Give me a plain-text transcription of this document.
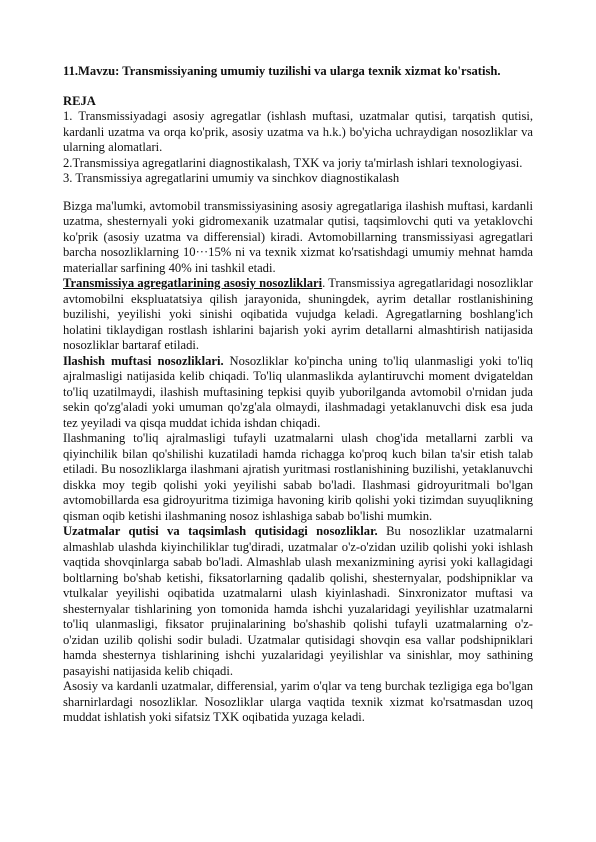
11.Mavzu: Transmissiyaning umumiy tuzilishi va ularga texnik xizmat ko'rsatish.

REJA

1. Transmissiyadagi asosiy agregatlar (ishlash muftasi, uzatmalar qutisi, tarqatish qutisi, kardanli uzatma va orqa ko'prik, asosiy uzatma va h.k.) bo'yicha uchraydigan nosozliklar va ularning alomatlari.
2.Transmissiya agregatlarini diagnostikalash, TXK va joriy ta'mirlash ishlari texnologiyasi.
3. Transmissiya agregatlarini umumiy va sinchkov diagnostikalash

Bizga ma'lumki, avtomobil transmissiyasining asosiy agregatlariga ilashish muftasi, kardanli uzatma, shesternyali yoki gidromexanik uzatmalar qutisi, taqsimlovchi quti va yetaklovchi ko'prik (asosiy uzatma va differensial) kiradi. Avtomobillarning transmissiyasi agregatlari barcha nosozliklarning 10···15% ni va texnik xizmat ko'rsatishdagi umumiy mehnat hamda materiallar sarfining 40% ini tashkil etadi.

Transmissiya agregatlarining asosiy nosozliklari. Transmissiya agregatlaridagi nosozliklar avtomobilni ekspluatatsiya qilish jarayonida, shuningdek, ayrim detallar rostlanishining buzilishi, yeyilishi yoki sinishi oqibatida vujudga keladi. Agregatlarning boshlang'ich holatini tiklaydigan rostlash ishlarini bajarish yoki ayrim detallarni almashtirish natijasida nosozliklar bartaraf etiladi.

Ilashish muftasi nosozliklari. Nosozliklar ko'pincha uning to'liq ulanmasligi yoki to'liq ajralmasligi natijasida kelib chiqadi. To'liq ulanmaslikda aylantiruvchi moment dvigateldan to'liq uzatilmaydi, ilashish muftasining tepkisi quyib yuborilganda avtomobil o'rnidan juda sekin qo'zg'aladi yoki umuman qo'zg'ala olmaydi, ilashmadagi yetaklanuvchi disk esa juda tez yeyiladi va qisqa muddat ichida ishdan chiqadi.

Ilashmaning to'liq ajralmasligi tufayli uzatmalarni ulash chog'ida metallarni zarbli va qiyinchilik bilan qo'shilishi kuzatiladi hamda richagga ko'proq kuch bilan ta'sir etish talab etiladi. Bu nosozliklarga ilashmani ajratish yuritmasi rostlanishining buzilishi, yetaklanuvchi diskka moy tegib qolishi yoki yeyilishi sabab bo'ladi. Ilashmasi gidroyuritmali bo'lgan avtomobillarda esa gidroyuritma tizimiga havoning kirib qolishi yoki tizimdan suyuqlikning qisman oqib ketishi ilashmaning nosoz ishlashiga sabab bo'lishi mumkin.

Uzatmalar qutisi va taqsimlash qutisidagi nosozliklar. Bu nosozliklar uzatmalarni almashlab ulashda kiyinchiliklar tug'diradi, uzatmalar o'z-o'zidan uzilib qolishi yoki ishlash vaqtida shovqinlarga sabab bo'ladi. Almashlab ulash mexanizmining ayrisi yoki kallagidagi boltlarning bo'shab ketishi, fiksatorlarning qadalib qolishi, shesternyalar, podshipniklar va vtulkalar yeyilishi oqibatida uzatmalarni ulash kiyinlashadi. Sinxronizator muftasi va shesternyalar tishlarining yon tomonida hamda ishchi yuzalaridagi yeyilishlar uzatmalarni to'liq ulanmasligi, fiksator prujinalarining bo'shashib qolishi tufayli uzatmalarning o'z-o'zidan uzilib qolishi sodir buladi. Uzatmalar qutisidagi shovqin esa vallar podshipniklari hamda shesternya tishlarining ishchi yuzalaridagi yeyilishlar va sinishlar, moy sathining pasayishi natijasida kelib chiqadi.

Asosiy va kardanli uzatmalar, differensial, yarim o'qlar va teng burchak tezligiga ega bo'lgan sharnirlardagi nosozliklar. Nosozliklar ularga vaqtida texnik xizmat ko'rsatmasdan uzoq muddat ishlatish yoki sifatsiz TXK oqibatida yuzaga keladi.
